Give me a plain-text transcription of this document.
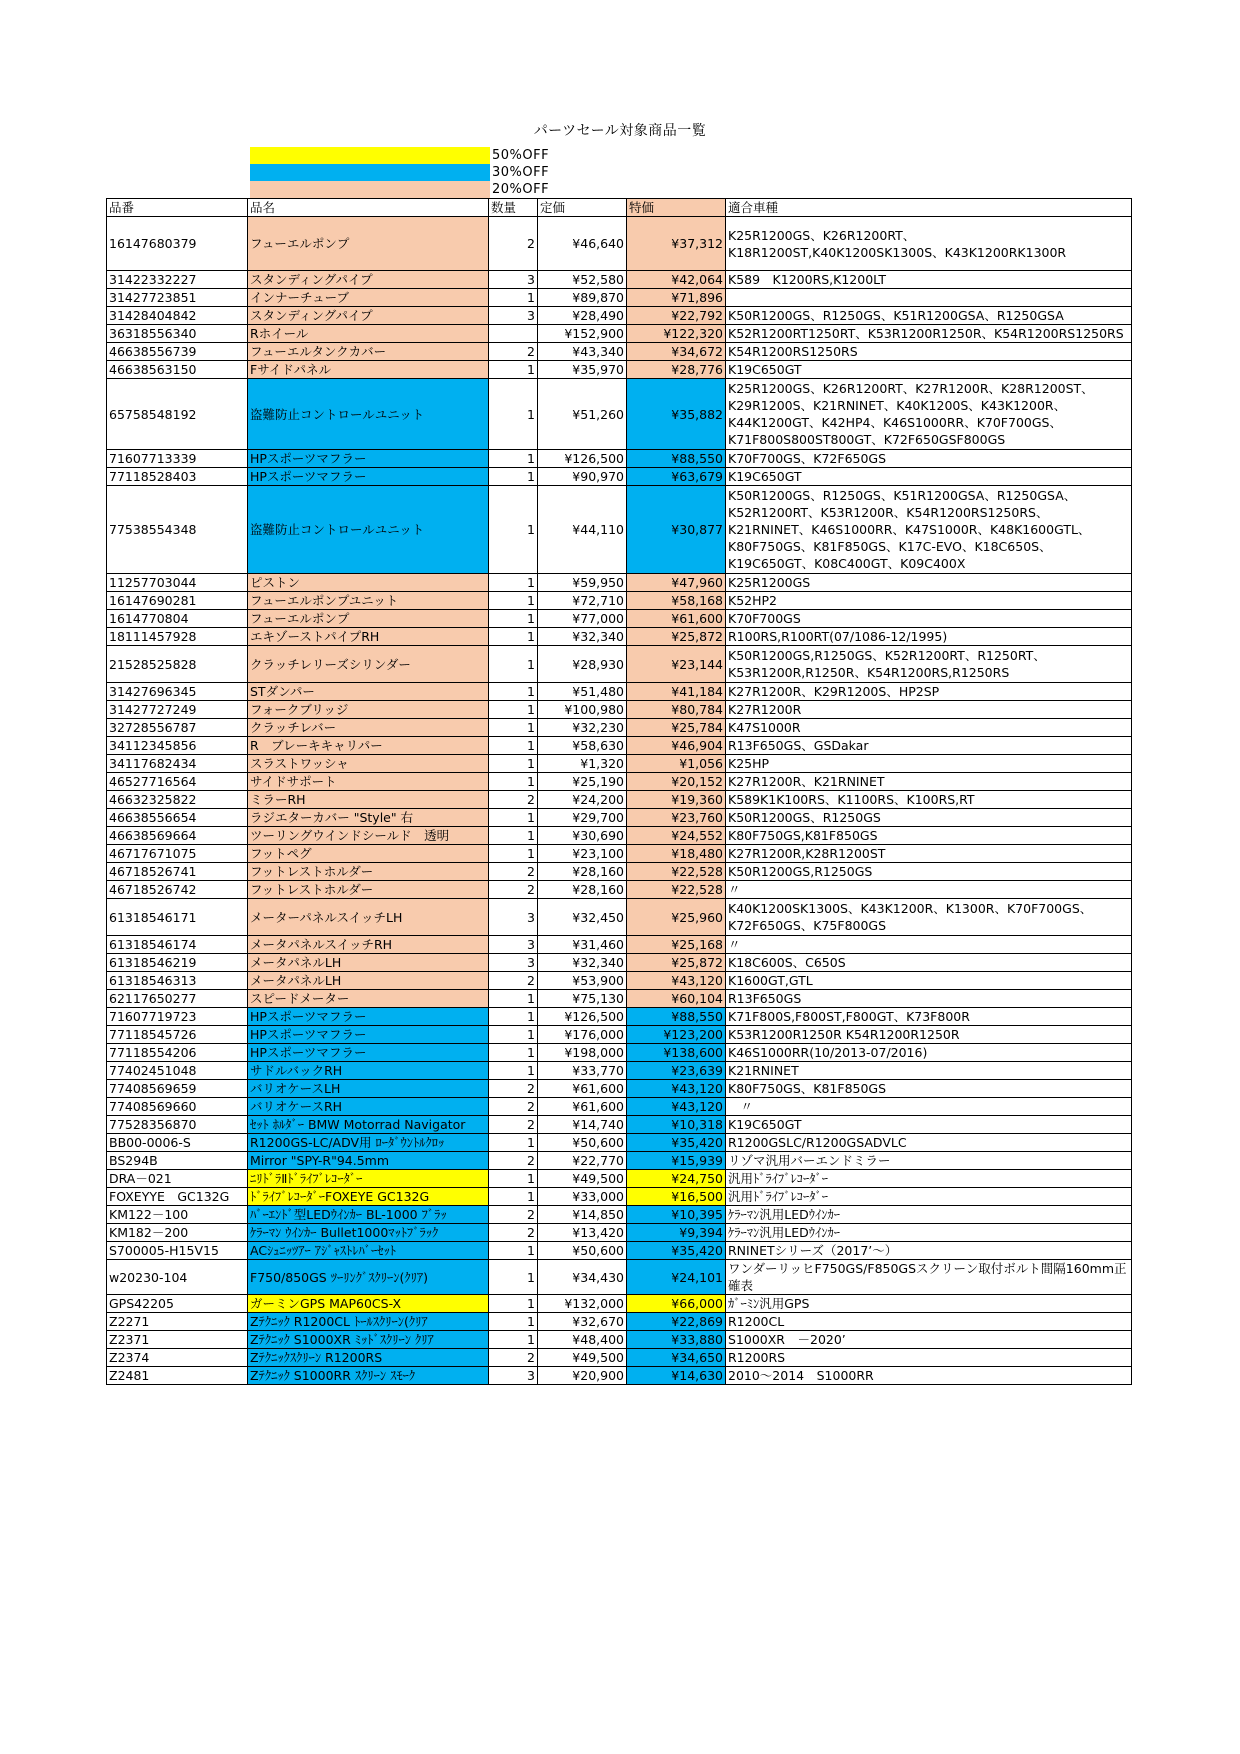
パーツセール対象商品一覧
50%OFF
30%OFF
20%OFF
品番	品名	数量	定価	特価	適合車種
16147680379	フューエルポンプ	2	¥46,640	¥37,312	K25R1200GS、K26R1200RT、
K18R1200ST,K40K1200SK1300S、K43K1200RK1300R
31422332227	スタンディングパイプ	3	¥52,580	¥42,064	K589　K1200RS,K1200LT
31427723851	インナーチューブ	1	¥89,870	¥71,896	
31428404842	スタンディングパイプ	3	¥28,490	¥22,792	K50R1200GS、R1250GS、K51R1200GSA、R1250GSA
36318556340	Rホイール		¥152,900	¥122,320	K52R1200RT1250RT、K53R1200R1250R、K54R1200RS1250RS
46638556739	フューエルタンクカバー	2	¥43,340	¥34,672	K54R1200RS1250RS
46638563150	Fサイドパネル	1	¥35,970	¥28,776	K19C650GT
65758548192	盗難防止コントロールユニット	1	¥51,260	¥35,882	K25R1200GS、K26R1200RT、K27R1200R、K28R1200ST、
K29R1200S、K21RNINET、K40K1200S、K43K1200R、
K44K1200GT、K42HP4、K46S1000RR、K70F700GS、
K71F800S800ST800GT、K72F650GSF800GS
71607713339	HPスポーツマフラー	1	¥126,500	¥88,550	K70F700GS、K72F650GS
77118528403	HPスポーツマフラー	1	¥90,970	¥63,679	K19C650GT
77538554348	盗難防止コントロールユニット	1	¥44,110	¥30,877	K50R1200GS、R1250GS、K51R1200GSA、R1250GSA、
K52R1200RT、K53R1200R、K54R1200RS1250RS、
K21RNINET、K46S1000RR、K47S1000R、K48K1600GTL、
K80F750GS、K81F850GS、K17C-EVO、K18C650S、
K19C650GT、K08C400GT、K09C400X
11257703044	ピストン	1	¥59,950	¥47,960	K25R1200GS
16147690281	フューエルポンプユニット	1	¥72,710	¥58,168	K52HP2
1614770804	フューエルポンプ	1	¥77,000	¥61,600	K70F700GS
18111457928	エキゾーストパイプRH	1	¥32,340	¥25,872	R100RS,R100RT(07/1086-12/1995)
21528525828	クラッチレリーズシリンダー	1	¥28,930	¥23,144	K50R1200GS,R1250GS、K52R1200RT、R1250RT、
K53R1200R,R1250R、K54R1200RS,R1250RS
31427696345	STダンパー	1	¥51,480	¥41,184	K27R1200R、K29R1200S、HP2SP
31427727249	フォークブリッジ	1	¥100,980	¥80,784	K27R1200R
32728556787	クラッチレバー	1	¥32,230	¥25,784	K47S1000R
34112345856	R　ブレーキキャリパー	1	¥58,630	¥46,904	R13F650GS、GSDakar
34117682434	スラストワッシャ	1	¥1,320	¥1,056	K25HP
46527716564	サイドサポート	1	¥25,190	¥20,152	K27R1200R、K21RNINET
46632325822	ミラーRH	2	¥24,200	¥19,360	K589K1K100RS、K1100RS、K100RS,RT
46638556654	ラジエターカバー "Style" 右	1	¥29,700	¥23,760	K50R1200GS、R1250GS
46638569664	ツーリングウインドシールド　透明	1	¥30,690	¥24,552	K80F750GS,K81F850GS
46717671075	フットペグ	1	¥23,100	¥18,480	K27R1200R,K28R1200ST
46718526741	フットレストホルダー	2	¥28,160	¥22,528	K50R1200GS,R1250GS
46718526742	フットレストホルダー	2	¥28,160	¥22,528	〃
61318546171	メーターパネルスイッチLH	3	¥32,450	¥25,960	K40K1200SK1300S、K43K1200R、K1300R、K70F700GS、
K72F650GS、K75F800GS
61318546174	メータパネルスイッチRH	3	¥31,460	¥25,168	〃
61318546219	メータパネルLH	3	¥32,340	¥25,872	K18C600S、C650S
61318546313	メータパネルLH	2	¥53,900	¥43,120	K1600GT,GTL
62117650277	スピードメーター	1	¥75,130	¥60,104	R13F650GS
71607719723	HPスポーツマフラー	1	¥126,500	¥88,550	K71F800S,F800ST,F800GT、K73F800R
77118545726	HPスポーツマフラー	1	¥176,000	¥123,200	K53R1200R1250R K54R1200R1250R
77118554206	HPスポーツマフラー	1	¥198,000	¥138,600	K46S1000RR(10/2013-07/2016)
77402451048	サドルバックRH	1	¥33,770	¥23,639	K21RNINET
77408569659	バリオケースLH	2	¥61,600	¥43,120	K80F750GS、K81F850GS
77408569660	バリオケースRH	2	¥61,600	¥43,120	　〃
77528356870	ｾｯﾄ ﾎﾙﾀﾞｰ BMW Motorrad Navigator	2	¥14,740	¥10,318	K19C650GT
BB00-0006-S	R1200GS-LC/ADV用 ﾛｰﾀﾞｳﾝﾄﾙｸﾛｯ	1	¥50,600	¥35,420	R1200GSLC/R1200GSADVLC
BS294B	Mirror "SPY-R"94.5mm	2	¥22,770	¥15,939	リゾマ汎用バーエンドミラー
DRA－021	ﾆﾘﾄﾞﾗⅡﾄﾞﾗｲﾌﾞﾚｺｰﾀﾞｰ	1	¥49,500	¥24,750	汎用ﾄﾞﾗｲﾌﾞﾚｺｰﾀﾞｰ
FOXEYYE　GC132G	ﾄﾞﾗｲﾌﾞﾚｺｰﾀﾞｰFOXEYE GC132G	1	¥33,000	¥16,500	汎用ﾄﾞﾗｲﾌﾞﾚｺｰﾀﾞｰ
KM122－100	ﾊﾞｰｴﾝﾄﾞ型LEDｳｲﾝｶｰ BL-1000 ﾌﾞﾗｯ	2	¥14,850	¥10,395	ｹﾗｰﾏﾝ汎用LEDｳｲﾝｶｰ
KM182－200	ｹﾗｰﾏﾝ ｳｲﾝｶｰ Bullet1000ﾏｯﾄﾌﾞﾗｯｸ	2	¥13,420	¥9,394	ｹﾗｰﾏﾝ汎用LEDｳｲﾝｶｰ
S700005-H15V15	ACｼｭﾆｯﾂｱｰ ｱｼﾞｬｽﾄﾚﾊﾞｰｾｯﾄ	1	¥50,600	¥35,420	RNINETシリーズ（2017’～）
w20230-104	F750/850GS ﾂｰﾘﾝｸﾞｽｸﾘｰﾝ(ｸﾘｱ)	1	¥34,430	¥24,101	ワンダーリッヒF750GS/F850GSスクリーン取付ボルト間隔160mm正確表
GPS42205	ガーミンGPS MAP60CS-X	1	¥132,000	¥66,000	ｶﾞｰﾐﾝ汎用GPS
Z2271	Zﾃｸﾆｯｸ R1200CL ﾄｰﾙｽｸﾘｰﾝ(ｸﾘｱ	1	¥32,670	¥22,869	R1200CL
Z2371	Zﾃｸﾆｯｸ S1000XR ﾐｯﾄﾞｽｸﾘｰﾝ ｸﾘｱ	1	¥48,400	¥33,880	S1000XR　－2020’
Z2374	Zﾃｸﾆｯｸｽｸﾘｰﾝ R1200RS	2	¥49,500	¥34,650	R1200RS
Z2481	Zﾃｸﾆｯｸ S1000RR ｽｸﾘｰﾝ ｽﾓｰｸ	3	¥20,900	¥14,630	2010～2014　S1000RR
